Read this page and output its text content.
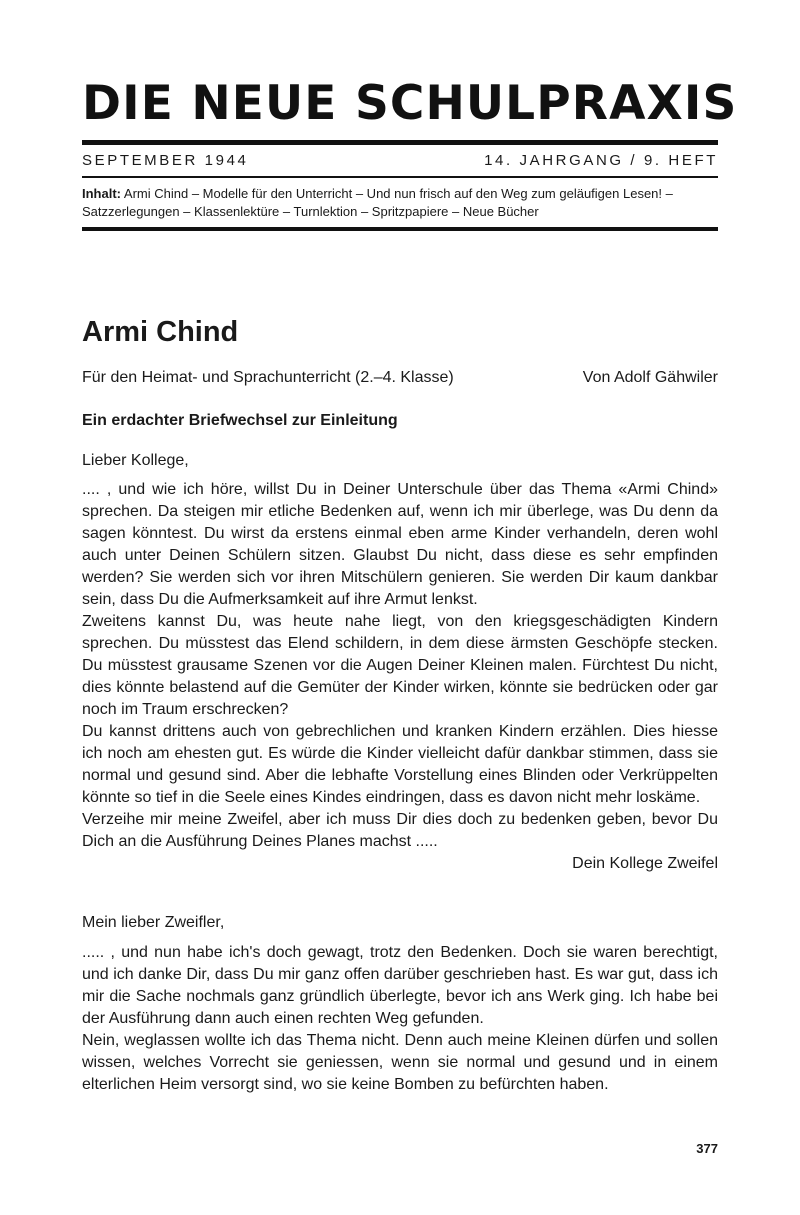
DIE NEUE SCHULPRAXIS
SEPTEMBER 1944	14. JAHRGANG / 9. HEFT
Inhalt: Armi Chind – Modelle für den Unterricht – Und nun frisch auf den Weg zum geläufigen Lesen! – Satzzerlegungen – Klassenlektüre – Turnlektion – Spritzpapiere – Neue Bücher
Armi Chind
Für den Heimat- und Sprachunterricht (2.–4. Klasse)	Von Adolf Gähwiler
Ein erdachter Briefwechsel zur Einleitung

Lieber Kollege,

.... , und wie ich höre, willst Du in Deiner Unterschule über das Thema «Armi Chind» sprechen. Da steigen mir etliche Bedenken auf, wenn ich mir überlege, was Du denn da sagen könntest. Du wirst da erstens einmal eben arme Kinder verhandeln, deren wohl auch unter Deinen Schülern sitzen. Glaubst Du nicht, dass diese es sehr empfinden werden? Sie werden sich vor ihren Mitschülern genieren. Sie werden Dir kaum dankbar sein, dass Du die Aufmerksamkeit auf ihre Armut lenkst.

Zweitens kannst Du, was heute nahe liegt, von den kriegsgeschädigten Kindern sprechen. Du müsstest das Elend schildern, in dem diese ärmsten Geschöpfe stecken. Du müsstest grausame Szenen vor die Augen Deiner Kleinen malen. Fürchtest Du nicht, dies könnte belastend auf die Gemüter der Kinder wirken, könnte sie bedrücken oder gar noch im Traum erschrecken?

Du kannst drittens auch von gebrechlichen und kranken Kindern erzählen. Dies hiesse ich noch am ehesten gut. Es würde die Kinder vielleicht dafür dankbar stimmen, dass sie normal und gesund sind. Aber die lebhafte Vorstellung eines Blinden oder Verkrüppelten könnte so tief in die Seele eines Kindes eindringen, dass es davon nicht mehr loskäme.

Verzeihe mir meine Zweifel, aber ich muss Dir dies doch zu bedenken geben, bevor Du Dich an die Ausführung Deines Planes machst .....

Dein Kollege Zweifel

Mein lieber Zweifler,

..... , und nun habe ich's doch gewagt, trotz den Bedenken. Doch sie waren berechtigt, und ich danke Dir, dass Du mir ganz offen darüber geschrieben hast. Es war gut, dass ich mir die Sache nochmals ganz gründlich überlegte, bevor ich ans Werk ging. Ich habe bei der Ausführung dann auch einen rechten Weg gefunden.

Nein, weglassen wollte ich das Thema nicht. Denn auch meine Kleinen dürfen und sollen wissen, welches Vorrecht sie geniessen, wenn sie normal und gesund und in einem elterlichen Heim versorgt sind, wo sie keine Bomben zu befürchten haben.

377
